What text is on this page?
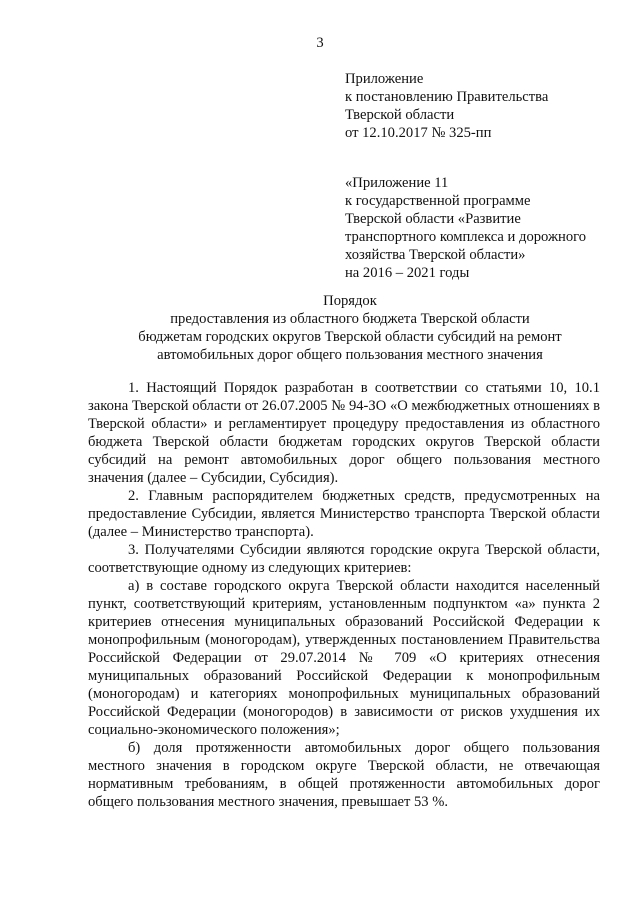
3
Приложение
к постановлению Правительства
Тверской области
от 12.10.2017 № 325-пп
«Приложение 11
к государственной программе
Тверской области «Развитие
транспортного комплекса и дорожного
хозяйства Тверской области»
на 2016 – 2021 годы
Порядок
предоставления из областного бюджета Тверской области
бюджетам городских округов Тверской области субсидий на ремонт
автомобильных дорог общего пользования местного значения

1. Настоящий Порядок разработан в соответствии со статьями 10, 10.1 закона Тверской области от 26.07.2005 № 94-ЗО «О межбюджетных отношениях в Тверской области» и регламентирует процедуру предоставления из областного бюджета Тверской области бюджетам городских округов Тверской области субсидий на ремонт автомобильных дорог общего пользования местного значения (далее – Субсидии, Субсидия).

2. Главным распорядителем бюджетных средств, предусмотренных на предоставление Субсидии, является Министерство транспорта Тверской области (далее – Министерство транспорта).

3. Получателями Субсидии являются городские округа Тверской области, соответствующие одному из следующих критериев:

а) в составе городского округа Тверской области находится населенный пункт, соответствующий критериям, установленным подпунктом «а» пункта 2 критериев отнесения муниципальных образований Российской Федерации к монопрофильным (моногородам), утвержденных постановлением Правительства Российской Федерации от 29.07.2014 № 709 «О критериях отнесения муниципальных образований Российской Федерации к монопрофильным (моногородам) и категориях монопрофильных муниципальных образований Российской Федерации (моногородов) в зависимости от рисков ухудшения их социально-экономического положения»;

б) доля протяженности автомобильных дорог общего пользования местного значения в городском округе Тверской области, не отвечающая нормативным требованиям, в общей протяженности автомобильных дорог общего пользования местного значения, превышает 53 %.
